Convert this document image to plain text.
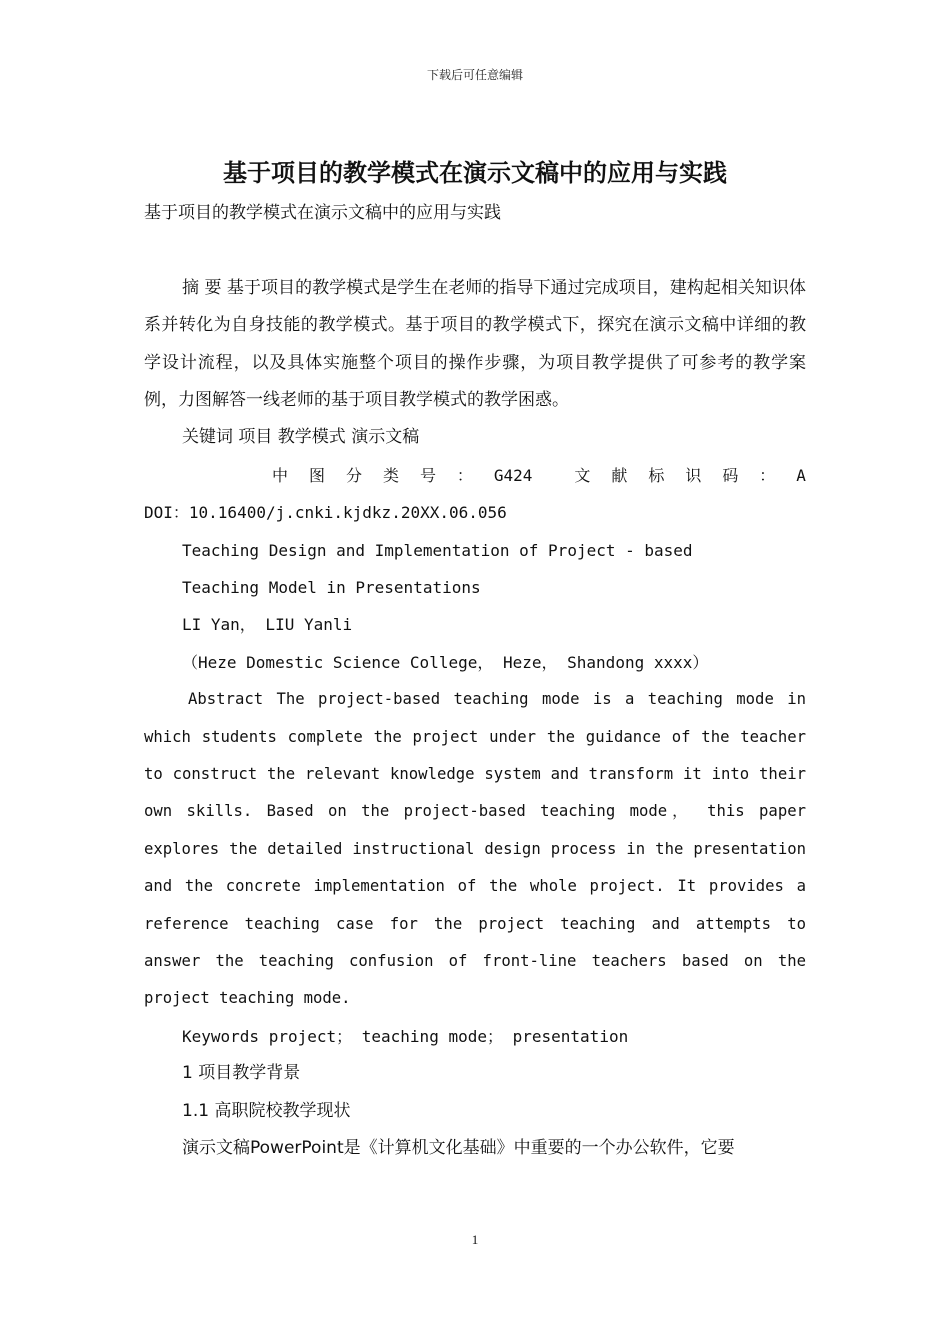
下载后可任意编辑
基于项目的教学模式在演示文稿中的应用与实践
基于项目的教学模式在演示文稿中的应用与实践
摘 要 基于项目的教学模式是学生在老师的指导下通过完成项目，建构起相关知识体系并转化为自身技能的教学模式。基于项目的教学模式下，探究在演示文稿中详细的教学设计流程，以及具体实施整个项目的操作步骤，为项目教学提供了可参考的教学案例，力图解答一线老师的基于项目教学模式的教学困惑。
关键词 项目 教学模式 演示文稿
中 图 分 类 号 ： G424	文 献 标 识 码 ： A
DOI：10.16400/j.cnki.kjdkz.20XX.06.056
Teaching Design and Implementation of Project - based
Teaching Model in Presentations
LI Yan， LIU Yanli
（Heze Domestic Science College， Heze， Shandong xxxx）

Abstract The project-based teaching mode is a teaching mode in which students complete the project under the guidance of the teacher to construct the relevant knowledge system and transform it into their own skills. Based on the project-based teaching mode， this paper explores the detailed instructional design process in the presentation and the concrete implementation of the whole project. It provides a reference teaching case for the project teaching and attempts to answer the teaching confusion of front-line teachers based on the project teaching mode.

Keywords project； teaching mode； presentation
1 项目教学背景
1.1 高职院校教学现状
演示文稿PowerPoint是《计算机文化基础》中重要的一个办公软件，它要
1
